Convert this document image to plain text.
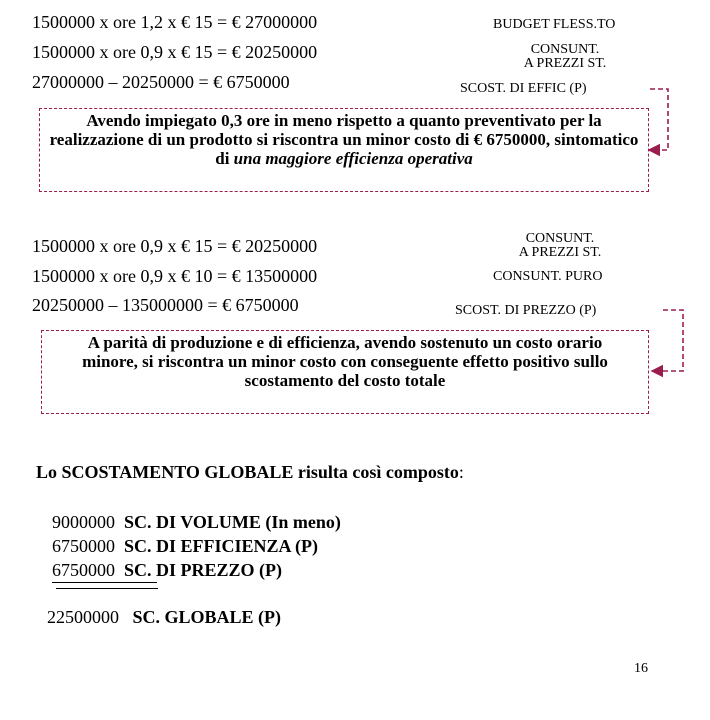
1500000 x ore 1,2 x € 15 = € 27000000
1500000 x ore 0,9 x € 15 = € 20250000
27000000 – 20250000 = € 6750000
BUDGET FLESS.TO
CONSUNT.
A PREZZI ST.
SCOST. DI EFFIC (P)
Avendo impiegato 0,3 ore in meno rispetto a quanto preventivato per la realizzazione di un prodotto si riscontra un minor costo di € 6750000, sintomatico di una maggiore efficienza operativa
1500000 x ore 0,9 x € 15 = € 20250000
1500000 x ore 0,9 x € 10 = € 13500000
20250000 – 135000000 = € 6750000
CONSUNT.
A PREZZI ST.
CONSUNT. PURO
SCOST. DI PREZZO (P)
A parità di produzione e di efficienza, avendo sostenuto un costo orario minore, si riscontra un minor costo con conseguente effetto positivo sullo scostamento del costo totale
Lo SCOSTAMENTO GLOBALE risulta così composto:
9000000 SC. DI VOLUME (In meno)
6750000 SC. DI EFFICIENZA (P)
6750000 SC. DI PREZZO (P)
22500000 SC. GLOBALE (P)
16
